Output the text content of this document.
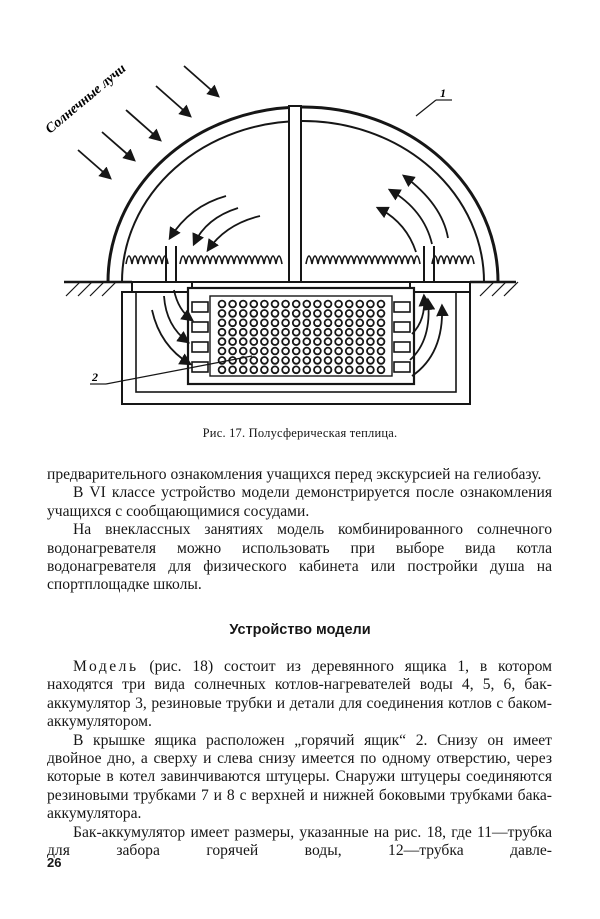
Солнечные лучи	1
2
Рис. 17. Полусферическая теплица.

предварительного ознакомления учащихся перед экскурсией на гелиобазу.

В VI классе устройство модели демонстрируется после ознакомления учащихся с сообщающимися сосудами.

На внеклассных занятиях модель комбинированного солнечного водонагревателя можно использовать при выборе вида котла водонагревателя для физического кабинета или постройки душа на спортплощадке школы.

Устройство модели

Модель (рис. 18) состоит из деревянного ящика 1, в котором находятся три вида солнечных котлов-нагревателей воды 4, 5, 6, бак-аккумулятор 3, резиновые трубки и детали для соединения котлов с баком-аккумулятором.

В крышке ящика расположен „горячий ящик“ 2. Снизу он имеет двойное дно, а сверху и слева снизу имеется по одному отверстию, через которые в котел завинчиваются штуцеры. Снаружи штуцеры соединяются резиновыми трубками 7 и 8 с верхней и нижней боковыми трубками бака-аккумулятора.

Бак-аккумулятор имеет размеры, указанные на рис. 18, где 11—трубка для забора горячей воды, 12—трубка давле-

26
